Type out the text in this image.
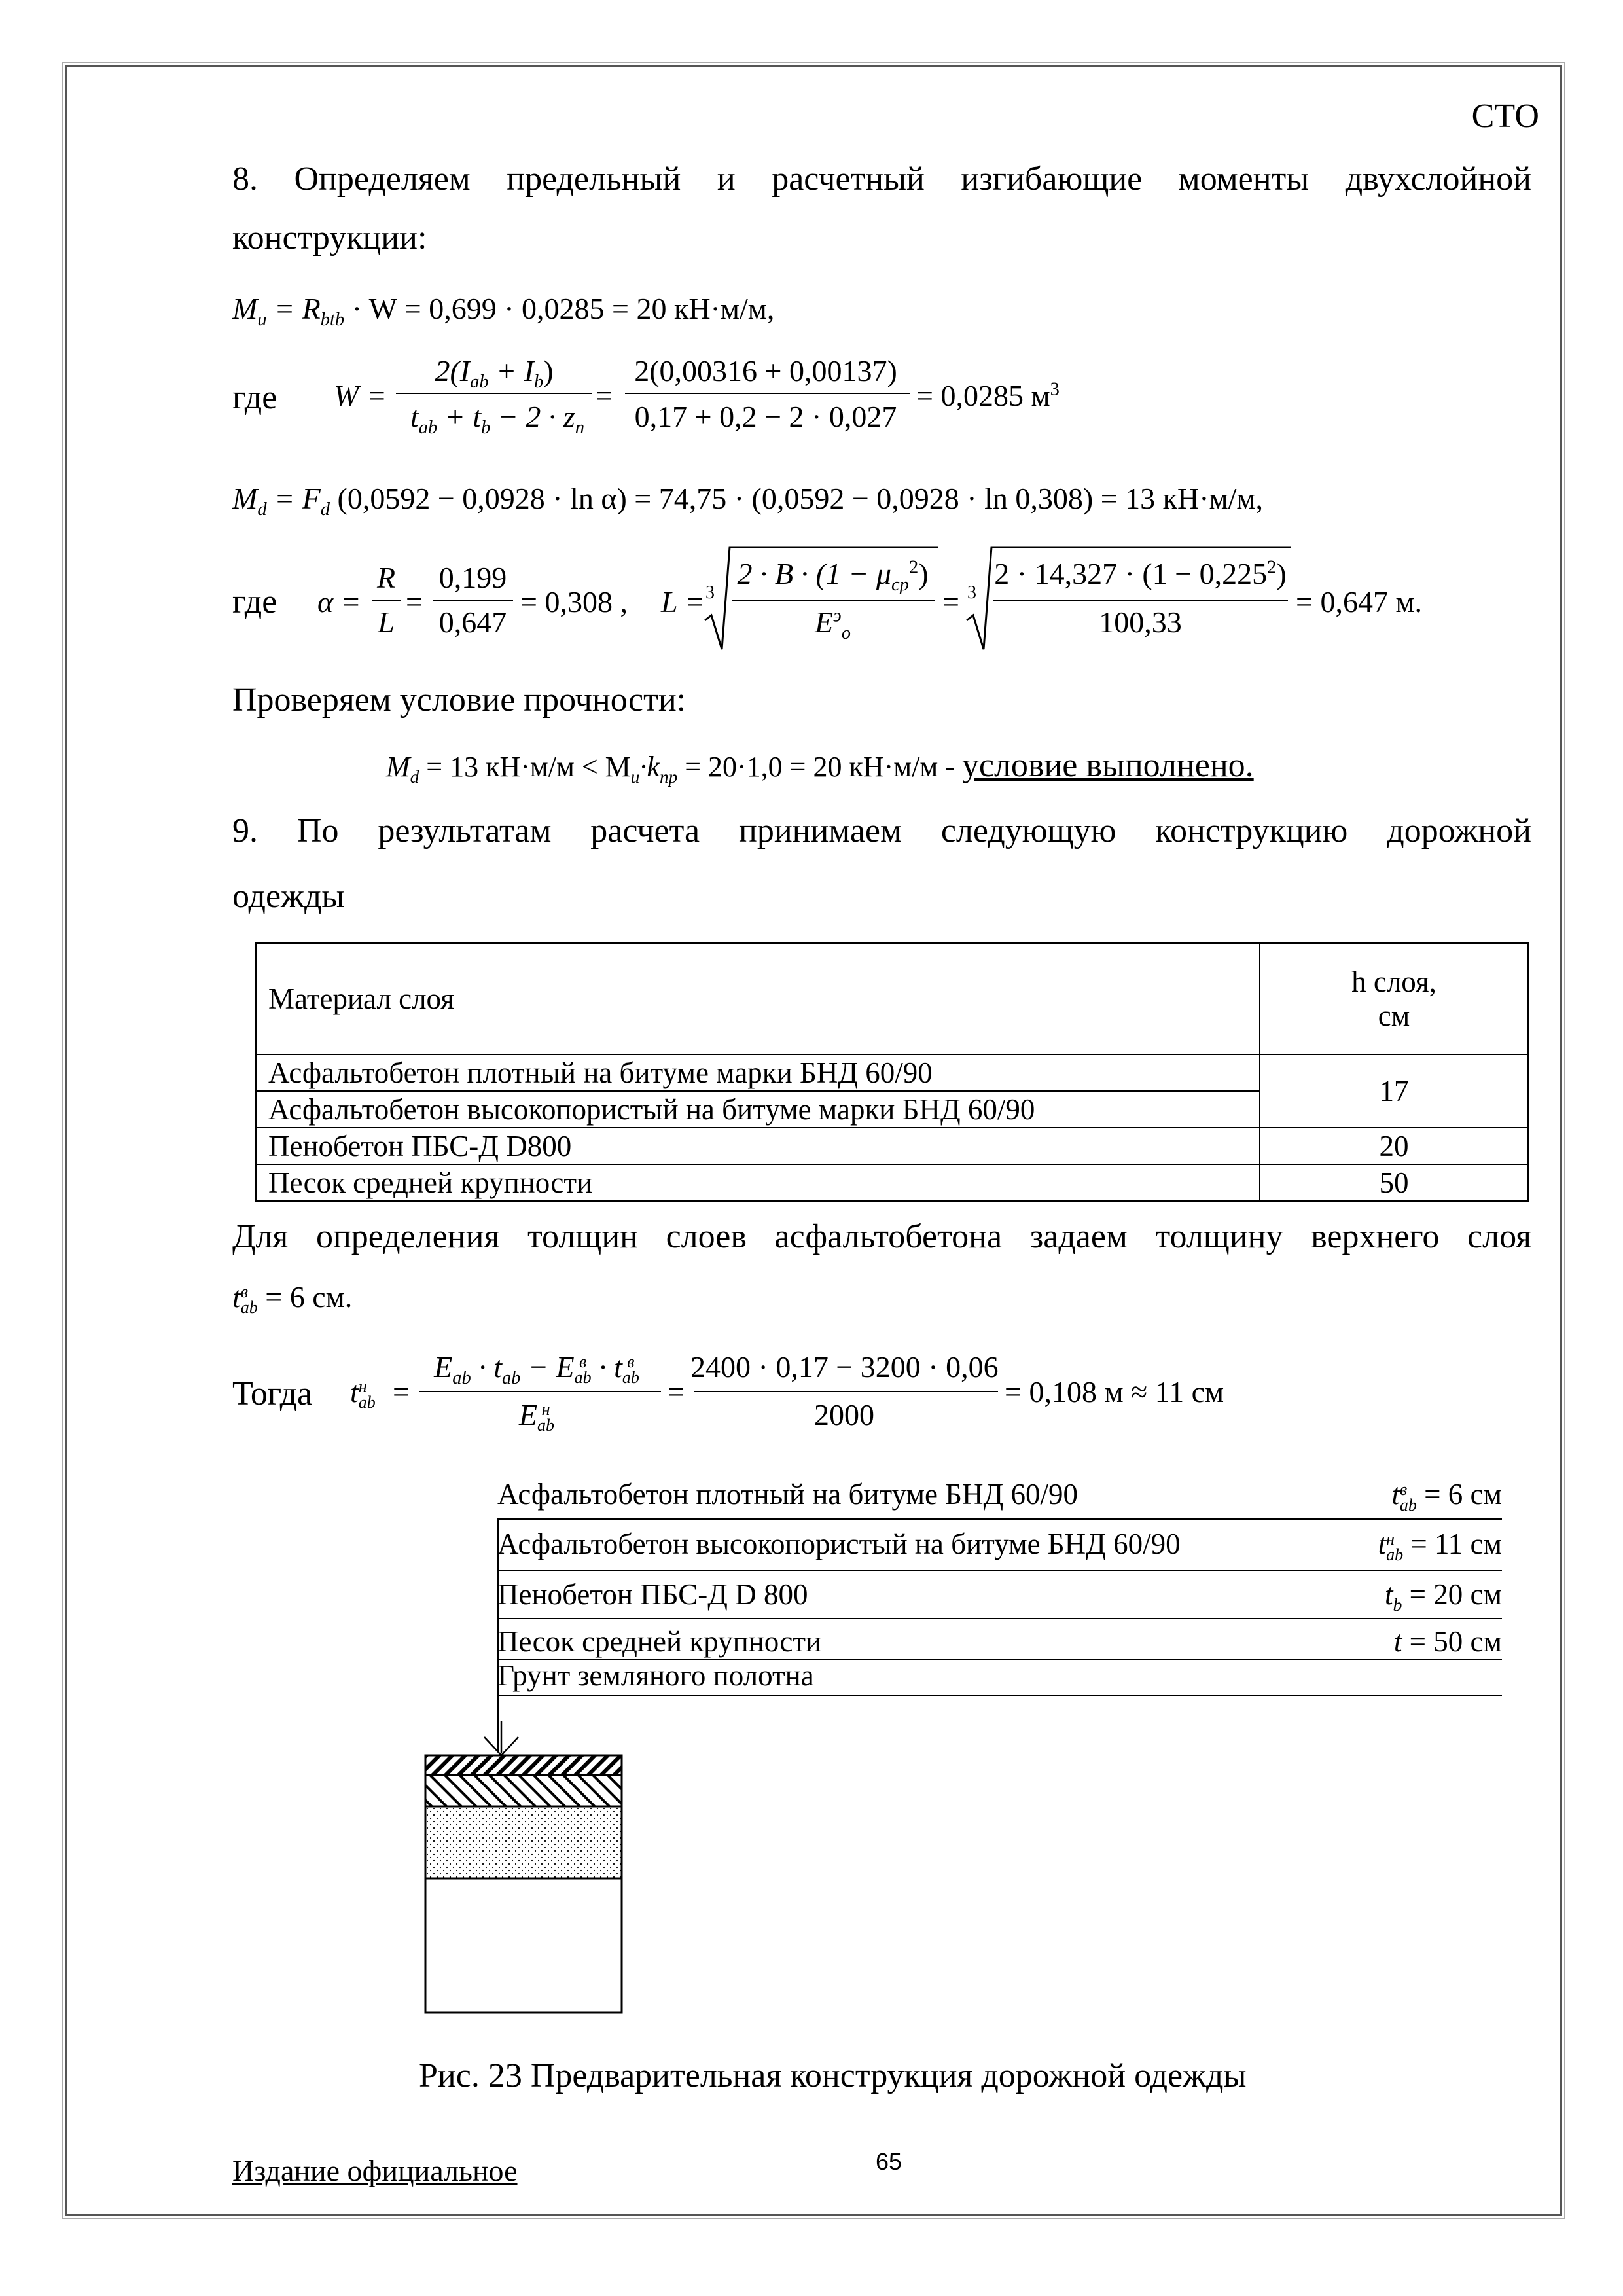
СТО
8. Определяем предельный и расчетный изгибающие моменты двухслойной
конструкции:
$M_u = R_{btb} \cdot W = 0,699 \cdot 0,0285 = 20$ кН·м/м,
где W =
$2(I_{ab} + I_b)$
$t_{ab} + t_b - 2 \cdot z_n$
=
2(0,00316 + 0,00137)
0,17 + 0,2 − 2 · 0,027
= 0,0285 $м^3$
$M_d = F_d$ (0,0592 − 0,0928 · ln α) = 74,75 · (0,0592 − 0,0928 · ln 0,308) = 13 кН·м/м,
где α =
R
L
=
0,199
0,647
= 0,308 , L = 3
$2 \cdot B \cdot (1 - \mu_{ср}^2)$
$E^э_o$
= 3
$2 \cdot 14,327 \cdot (1 - 0,225^2)$
100,33
= 0,647 м.
Проверяем условие прочности:
$M_d = 13$ $кН\cdot м/м < M_u\cdot k_{пр} = 20\cdot 1,0 = 20$ кН·м/м - условие выполнено.
9. По результатам расчета принимаем следующую конструкцию дорожной
одежды
Материал слоя	h слоя,
см

Асфальтобетон плотный на битуме марки БНД 60/90	17
Асфальтобетон высокопористый на битуме марки БНД 60/90	
Пенобетон ПБС-Д D800	20
Песок средней крупности	50
Для определения толщин слоев асфальтобетона задаем толщину верхнего слоя
t в
ab = 6 см.
Тогда t н
ab =
$E_{ab} \cdot t_{ab} - E$ в
ab · t в
ab
E н
ab
=
2400 · 0,17 − 3200 · 0,06
2000
= 0,108 м ≈ 11 см
Асфальтобетон плотный на битуме БНД 60/90	t в
ab = 6 см
Асфальтобетон высокопористый на битуме БНД 60/90	t н
ab = 11 см
Пенобетон ПБС-Д D 800	$t_b = 20$ см
Песок средней крупности	t = 50 см
Грунт земляного полотна
Рис. 23 Предварительная конструкция дорожной одежды
Издание официальное	65
